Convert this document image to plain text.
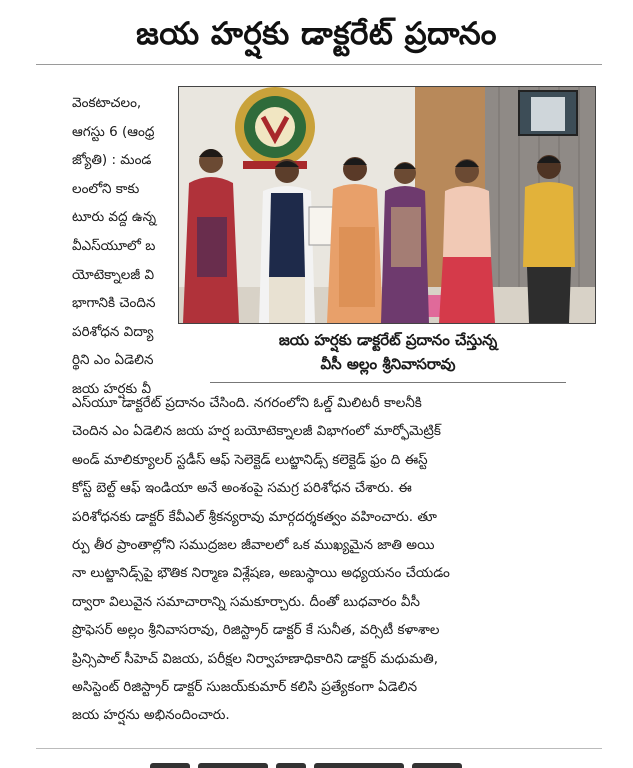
జయ హర్షకు డాక్టరేట్ ప్రదానం
వెంకటాచలం,
ఆగస్టు 6 (ఆంధ్ర
జ్యోతి) : మండ
లంలోని కాకు
టూరు వద్ద ఉన్న
వీఎస్‌యూలో బ
యోటెక్నాలజీ వి
భాగానికి చెందిన
పరిశోధన విద్యా
ర్థిని ఎం ఏడెలిన
జయ హర్షకు వీ
జయ హర్షకు డాక్టరేట్ ప్రదానం చేస్తున్న
వీసీ అల్లం శ్రీనివాసరావు
ఎస్‌యూ డాక్టరేట్ ప్రదానం చేసింది. నగరంలోని ఓల్డ్ మిలిటరీ కాలనీకి
చెందిన ఎం ఏడెలిన జయ హర్ష బయోటెక్నాలజీ విభాగంలో మార్ఫోమెట్రిక్
అండ్ మాలిక్యూలర్ స్టడీస్ ఆఫ్ సెలెక్టెడ్ లుట్జానిడ్స్ కలెక్టెడ్ ఫ్రం ది ఈస్ట్
కోస్ట్ బెల్ట్ ఆఫ్ ఇండియా అనే అంశంపై సమగ్ర పరిశోధన చేశారు. ఈ
పరిశోధనకు డాక్టర్ కేవీఎల్ శ్రీకన్యరావు మార్గదర్శకత్వం వహించారు. తూ
ర్పు తీర ప్రాంతాల్లోని సముద్రజల జీవాలలో ఒక ముఖ్యమైన జాతి అయి
నా లుట్జానిడ్స్‌పై భౌతిక నిర్మాణ విశ్లేషణ, అణుస్థాయి అధ్యయనం చేయడం
ద్వారా విలువైన సమాచారాన్ని సమకూర్చారు. దీంతో బుధవారం వీసీ
ప్రొఫెసర్ అల్లం శ్రీనివాసరావు, రిజిస్ట్రార్ డాక్టర్ కే సునీత, వర్సిటీ కళాశాల
ప్రిన్సిపాల్ సీహెచ్ విజయ, పరీక్షల నిర్వాహణాధికారిని డాక్టర్ మధుమతి,
అసిస్టెంట్ రిజిస్ట్రార్ డాక్టర్ సుజయ్‌కుమార్ కలిసి ప్రత్యేకంగా ఏడెలిన
జయ హర్షను అభినందించారు.
